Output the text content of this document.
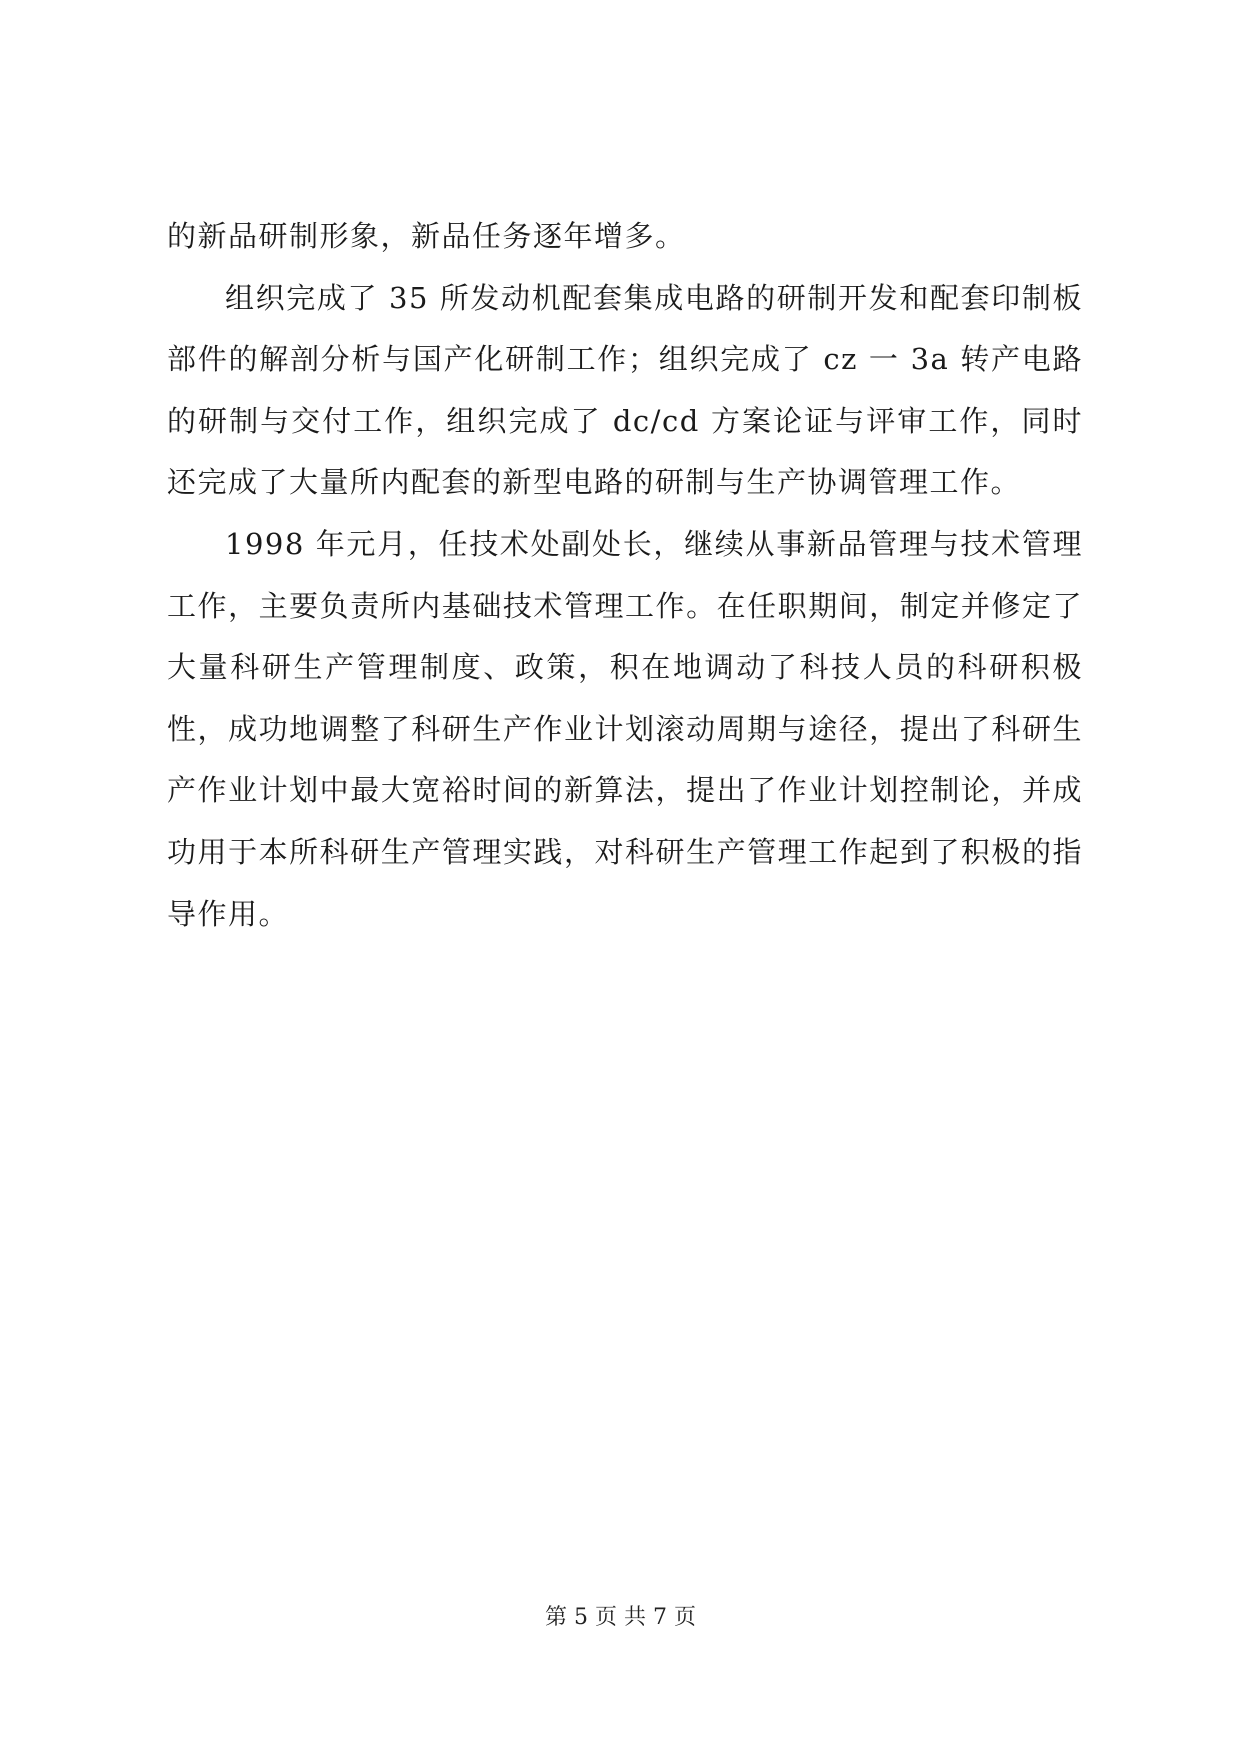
的新品研制形象，新品任务逐年增多。

组织完成了 35 所发动机配套集成电路的研制开发和配套印制板部件的解剖分析与国产化研制工作；组织完成了 cz 一 3a 转产电路的研制与交付工作，组织完成了 dc/cd 方案论证与评审工作，同时还完成了大量所内配套的新型电路的研制与生产协调管理工作。

1998 年元月，任技术处副处长，继续从事新品管理与技术管理工作，主要负责所内基础技术管理工作。在任职期间，制定并修定了大量科研生产管理制度、政策，积在地调动了科技人员的科研积极性，成功地调整了科研生产作业计划滚动周期与途径，提出了科研生产作业计划中最大宽裕时间的新算法，提出了作业计划控制论，并成功用于本所科研生产管理实践，对科研生产管理工作起到了积极的指导作用。

第 5 页 共 7 页
